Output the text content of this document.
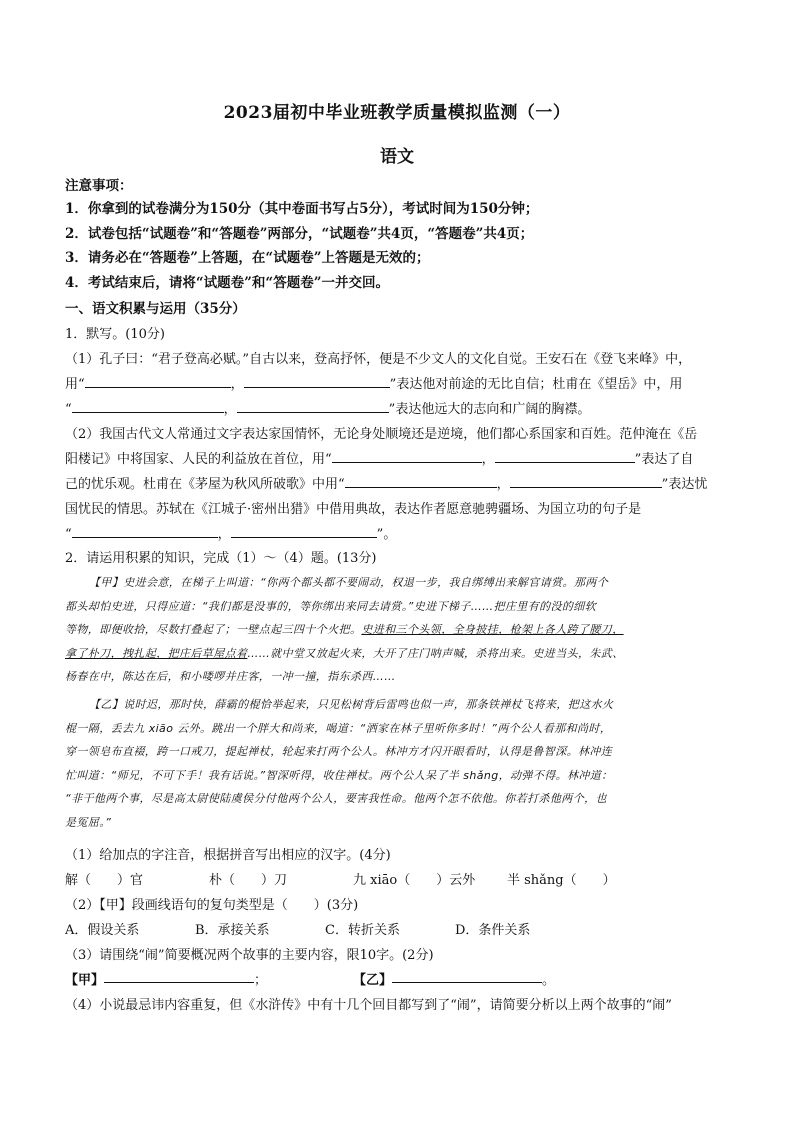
2023届初中毕业班教学质量模拟监测（一）
语文
注意事项：
1．你拿到的试卷满分为150分（其中卷面书写占5分），考试时间为150分钟；
2．试卷包括“试题卷”和“答题卷”两部分，“试题卷”共4页，“答题卷”共4页；
3．请务必在“答题卷”上答题，在“试题卷”上答题是无效的；
4．考试结束后，请将“试题卷”和“答题卷”一并交回。
一、语文积累与运用（35分）
1．默写。(10分)
（1）孔子曰：“君子登高必赋。”自古以来，登高抒怀，便是不少文人的文化自觉。王安石在《登飞来峰》中，
用“	，	”表达他对前途的无比自信；杜甫在《望岳》中，用
“	，	”表达他远大的志向和广阔的胸襟。
（2）我国古代文人常通过文字表达家国情怀，无论身处顺境还是逆境，他们都心系国家和百姓。范仲淹在《岳
阳楼记》中将国家、人民的利益放在首位，用“	，	”表达了自
己的忧乐观。杜甫在《茅屋为秋风所破歌》中用“	，	”表达忧
国忧民的情思。苏轼在《江城子·密州出猎》中借用典故，表达作者愿意驰骋疆场、为国立功的句子是
“	，	”。
2．请运用积累的知识，完成（1）～（4）题。(13分)
【甲】史进会意，在梯子上叫道：“你两个都头都不要闹动，权退一步，我自绑缚出来解官请赏。那两个
都头却怕史进，只得应道：“我们都是没事的，等你绑出来同去请赏。”史进下梯子……把庄里有的没的细软
等物，即便收拾，尽数打叠起了；一壁点起三四十个火把。史进和三个头领，全身披挂，枪架上各人跨了腰刀，
拿了朴刀，拽扎起，把庄后草屋点着……就中堂又放起火来，大开了庄门呐声喊，杀将出来。史进当头，朱武、
杨春在中，陈达在后，和小喽啰并庄客，一冲一撞，指东杀西……
【乙】说时迟，那时快，薛霸的棍恰举起来，只见松树背后雷鸣也似一声，那条铁禅杖飞将来，把这水火
棍一隔，丢去九 xiāo 云外。跳出一个胖大和尚来，喝道：“洒家在林子里听你多时！”两个公人看那和尚时，
穿一领皂布直裰，跨一口戒刀，提起禅杖，轮起来打两个公人。林冲方才闪开眼看时，认得是鲁智深。林冲连
忙叫道：“师兄，不可下手！我有话说。”智深听得，收住禅杖。两个公人呆了半 shǎng，动弹不得。林冲道：
“非干他两个事，尽是高太尉使陆虞侯分付他两个公人，要害我性命。他两个怎不依他。你若打杀他两个，也
是冤屈。”
（1）给加点的字注音，根据拼音写出相应的汉字。(4分)
解（　　）官	朴（　　）刀	九 xiāo（　　）云外	半 shǎng（　　）
（2）【甲】段画线语句的复句类型是（　　）(3分)
A．假设关系	B．承接关系	C．转折关系	D．条件关系
（3）请围绕“闹”简要概况两个故事的主要内容，限10字。(2分)
【甲】	；	【乙】	。
（4）小说最忌讳内容重复，但《水浒传》中有十几个回目都写到了“闹”，请简要分析以上两个故事的“闹”
